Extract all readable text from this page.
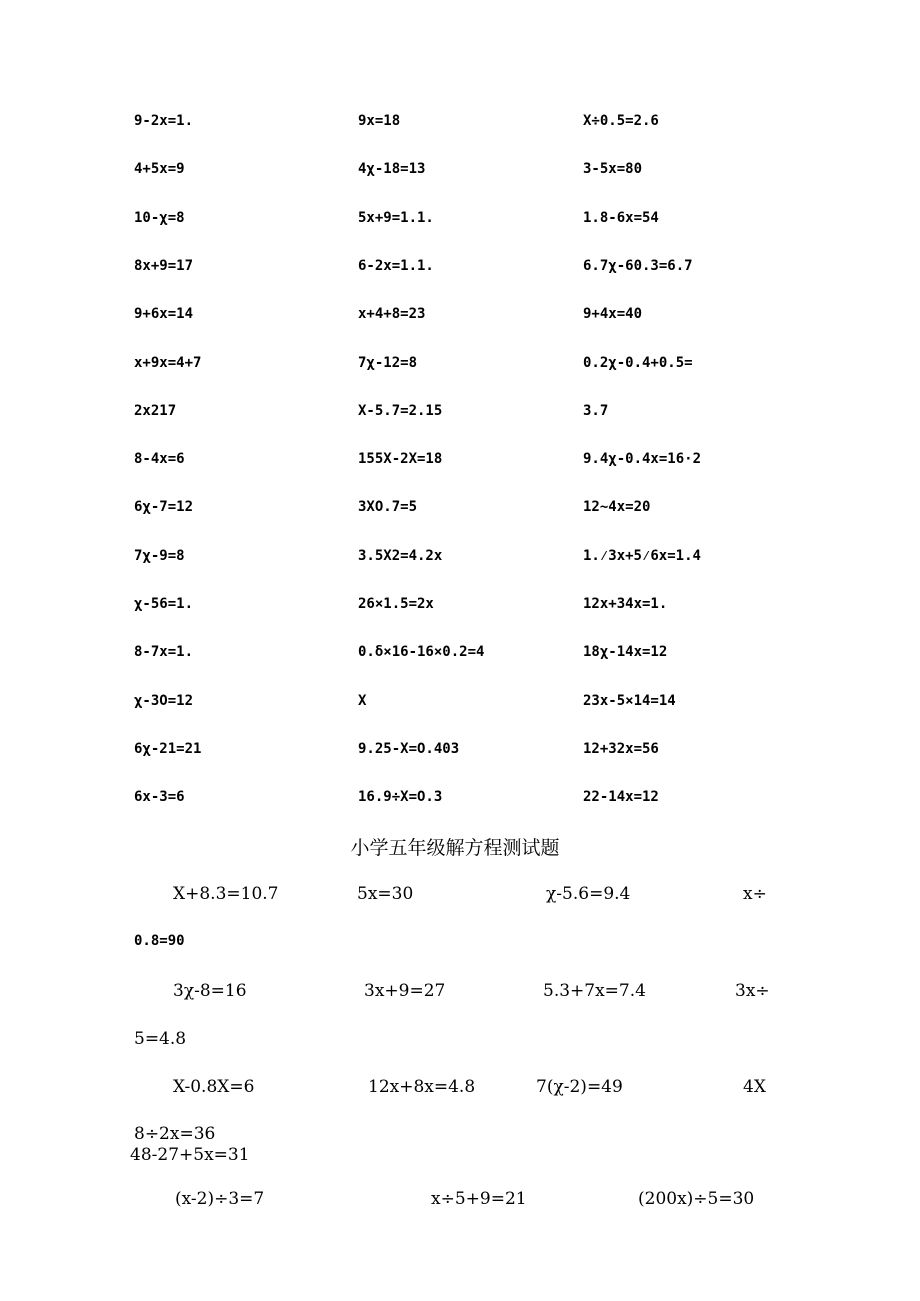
9-2x=1.	9x=18	X÷0.5=2.6
4+5x=9	4χ-18=13	3-5x=80
10-χ=8	5x+9=1.1.	1.8-6x=54
8x+9=17	6-2x=1.1.	6.7χ-60.3=6.7
9+6x=14	x+4+8=23	9+4x=40
x+9x=4+7	7χ-12=8	0.2χ-0.4+0.5=
2x217	X-5.7=2.15	3.7
8-4x=6	155X-2X=18	9.4χ-0.4x=16·2
6χ-7=12	3XO.7=5	12~4x=20
7χ-9=8	3.5X2=4.2x	1.⁄3x+5⁄6x=1.4
χ-56=1.	26×1.5=2x	12x+34x=1.
8-7x=1.	0.δ×16-16×0.2=4	18χ-14x=12
χ-3O=12	X	23x-5×14=14
6χ-21=21	9.25-X=O.403	12+32x=56
6x-3=6	16.9÷X=O.3	22-14x=12
小学五年级解方程测试题
X+8.3=10.7	5x=30	χ-5.6=9.4	x÷
0.8=90
3χ-8=16	3x+9=27	5.3+7x=7.4	3x÷
5=4.8
X-0.8X=6	12x+8x=4.8	7(χ-2)=49	4X
8÷2x=36
48-27+5x=31
(x-2)÷3=7	x÷5+9=21	(200x)÷5=30
